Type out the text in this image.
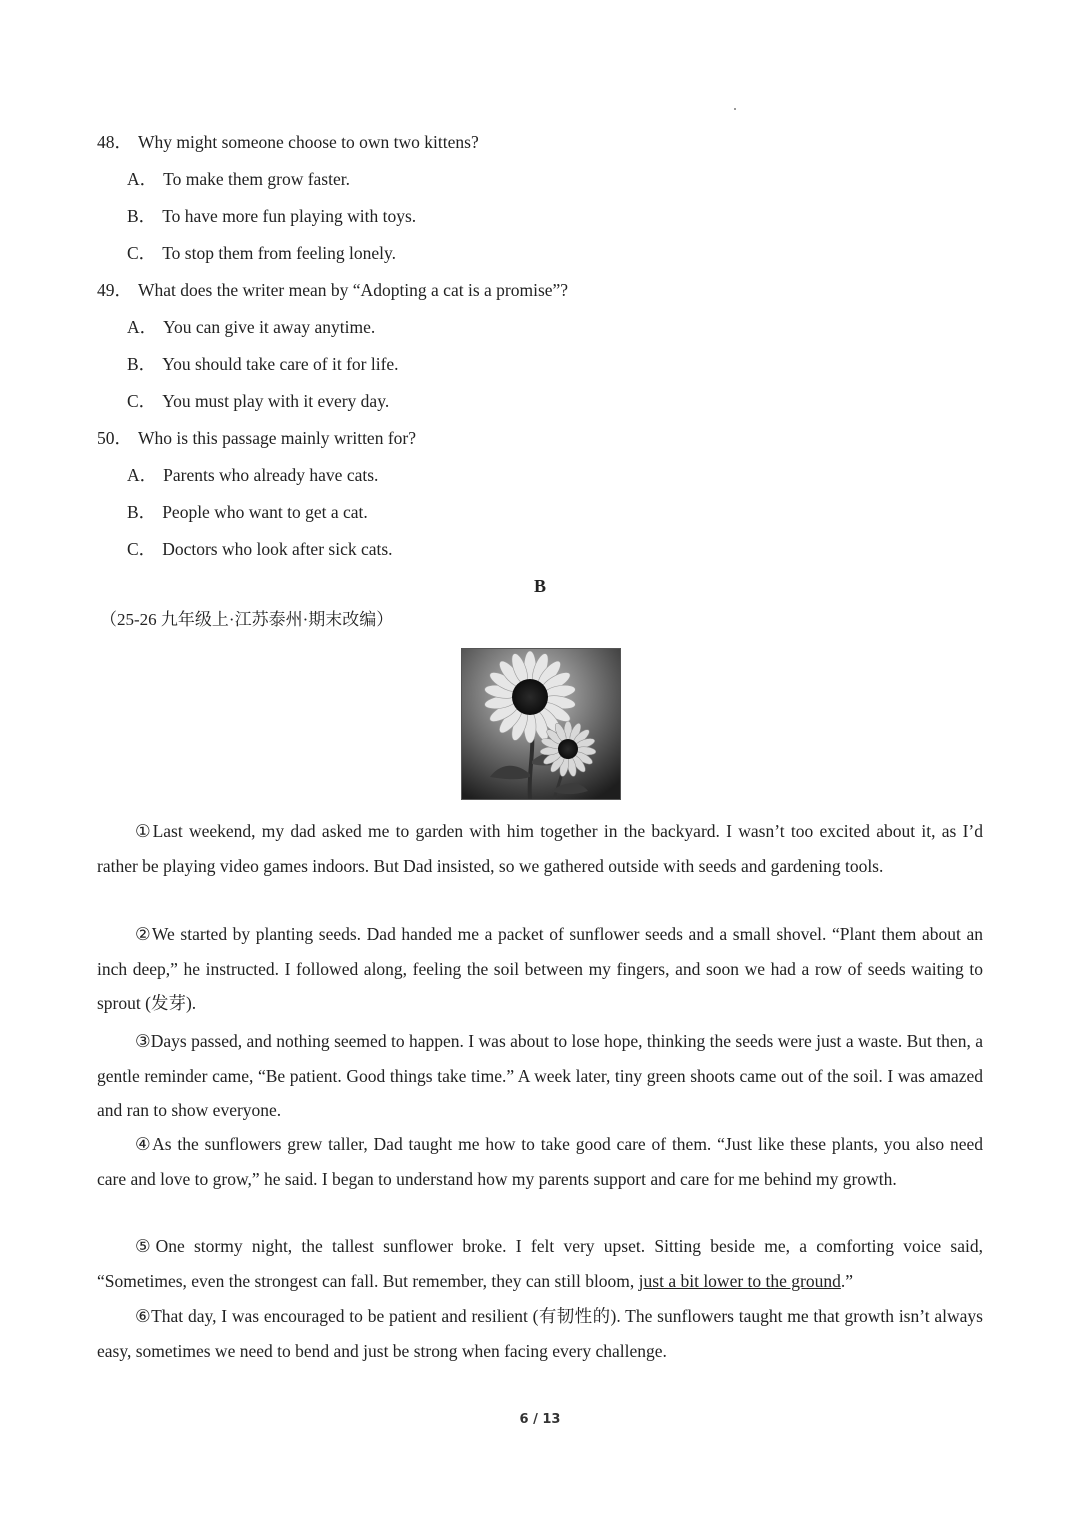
48． Why might someone choose to own two kittens?
A． To make them grow faster.
B． To have more fun playing with toys.
C． To stop them from feeling lonely.
49． What does the writer mean by “Adopting a cat is a promise”?
A． You can give it away anytime.
B． You should take care of it for life.
C． You must play with it every day.
50． Who is this passage mainly written for?
A． Parents who already have cats.
B． People who want to get a cat.
C． Doctors who look after sick cats.
B
（25-26 九年级上·江苏泰州·期末改编）

①Last weekend, my dad asked me to garden with him together in the backyard. I wasn’t too excited about it, as I’d rather be playing video games indoors. But Dad insisted, so we gathered outside with seeds and gardening tools.

②We started by planting seeds. Dad handed me a packet of sunflower seeds and a small shovel. “Plant them about an inch deep,” he instructed. I followed along, feeling the soil between my fingers, and soon we had a row of seeds waiting to sprout (发芽).

③Days passed, and nothing seemed to happen. I was about to lose hope, thinking the seeds were just a waste. But then, a gentle reminder came, “Be patient. Good things take time.” A week later, tiny green shoots came out of the soil. I was amazed and ran to show everyone.

④As the sunflowers grew taller, Dad taught me how to take good care of them. “Just like these plants, you also need care and love to grow,” he said. I began to understand how my parents support and care for me behind my growth.

⑤One stormy night, the tallest sunflower broke. I felt very upset. Sitting beside me, a comforting voice said, “Sometimes, even the strongest can fall. But remember, they can still bloom, just a bit lower to the ground.”

⑥That day, I was encouraged to be patient and resilient (有韧性的). The sunflowers taught me that growth isn’t always easy, sometimes we need to bend and just be strong when facing every challenge.

6 / 13
